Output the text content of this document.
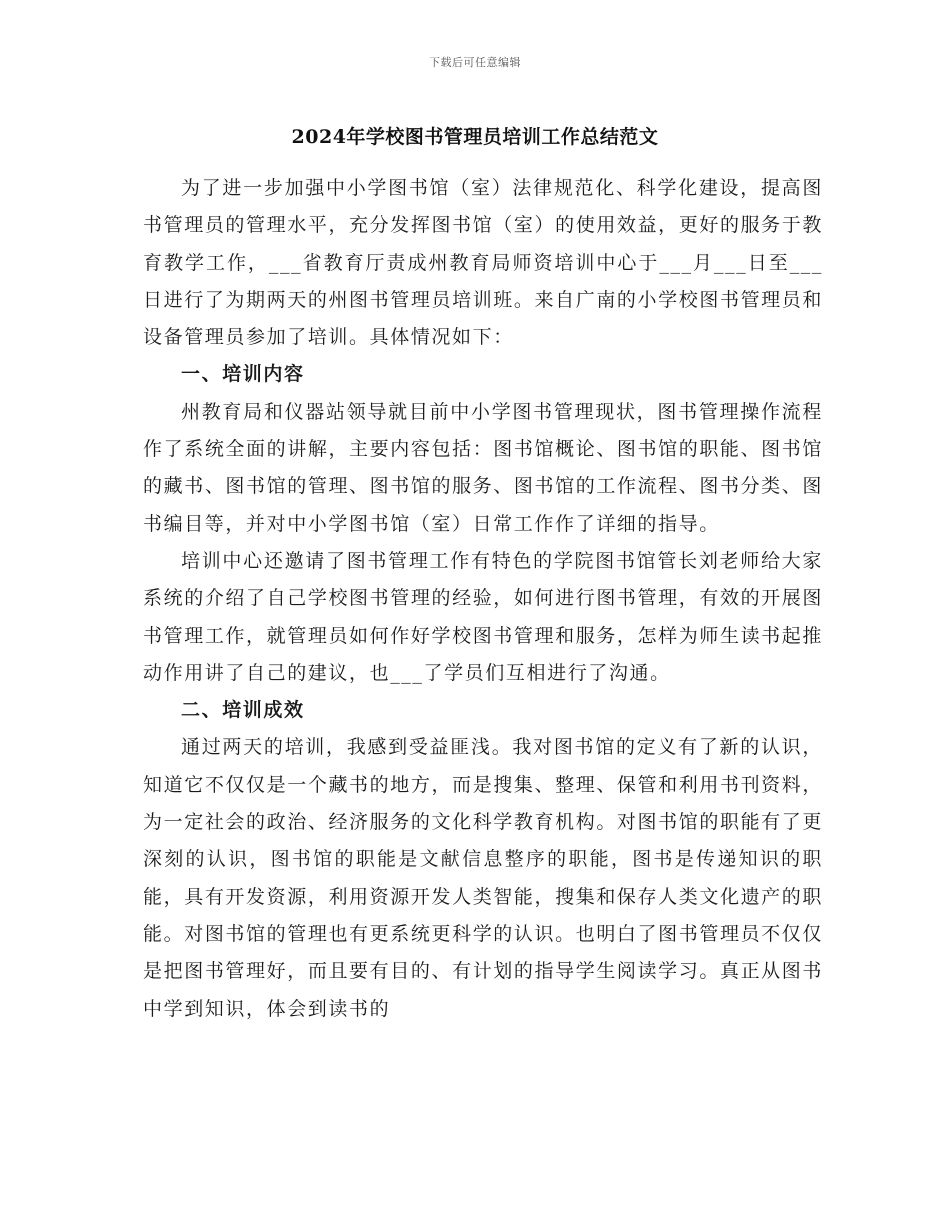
下载后可任意编辑
2024年学校图书管理员培训工作总结范文

为了进一步加强中小学图书馆（室）法律规范化、科学化建设，提高图书管理员的管理水平，充分发挥图书馆（室）的使用效益，更好的服务于教育教学工作，___省教育厅责成州教育局师资培训中心于___月___日至___日进行了为期两天的州图书管理员培训班。来自广南的小学校图书管理员和设备管理员参加了培训。具体情况如下：

一、培训内容

州教育局和仪器站领导就目前中小学图书管理现状，图书管理操作流程作了系统全面的讲解，主要内容包括：图书馆概论、图书馆的职能、图书馆的藏书、图书馆的管理、图书馆的服务、图书馆的工作流程、图书分类、图书编目等，并对中小学图书馆（室）日常工作作了详细的指导。

培训中心还邀请了图书管理工作有特色的学院图书馆管长刘老师给大家系统的介绍了自己学校图书管理的经验，如何进行图书管理，有效的开展图书管理工作，就管理员如何作好学校图书管理和服务，怎样为师生读书起推动作用讲了自己的建议，也___了学员们互相进行了沟通。

二、培训成效

通过两天的培训，我感到受益匪浅。我对图书馆的定义有了新的认识，知道它不仅仅是一个藏书的地方，而是搜集、整理、保管和利用书刊资料，为一定社会的政治、经济服务的文化科学教育机构。对图书馆的职能有了更深刻的认识，图书馆的职能是文献信息整序的职能，图书是传递知识的职能，具有开发资源，利用资源开发人类智能，搜集和保存人类文化遗产的职能。对图书馆的管理也有更系统更科学的认识。也明白了图书管理员不仅仅是把图书管理好，而且要有目的、有计划的指导学生阅读学习。真正从图书中学到知识，体会到读书的
